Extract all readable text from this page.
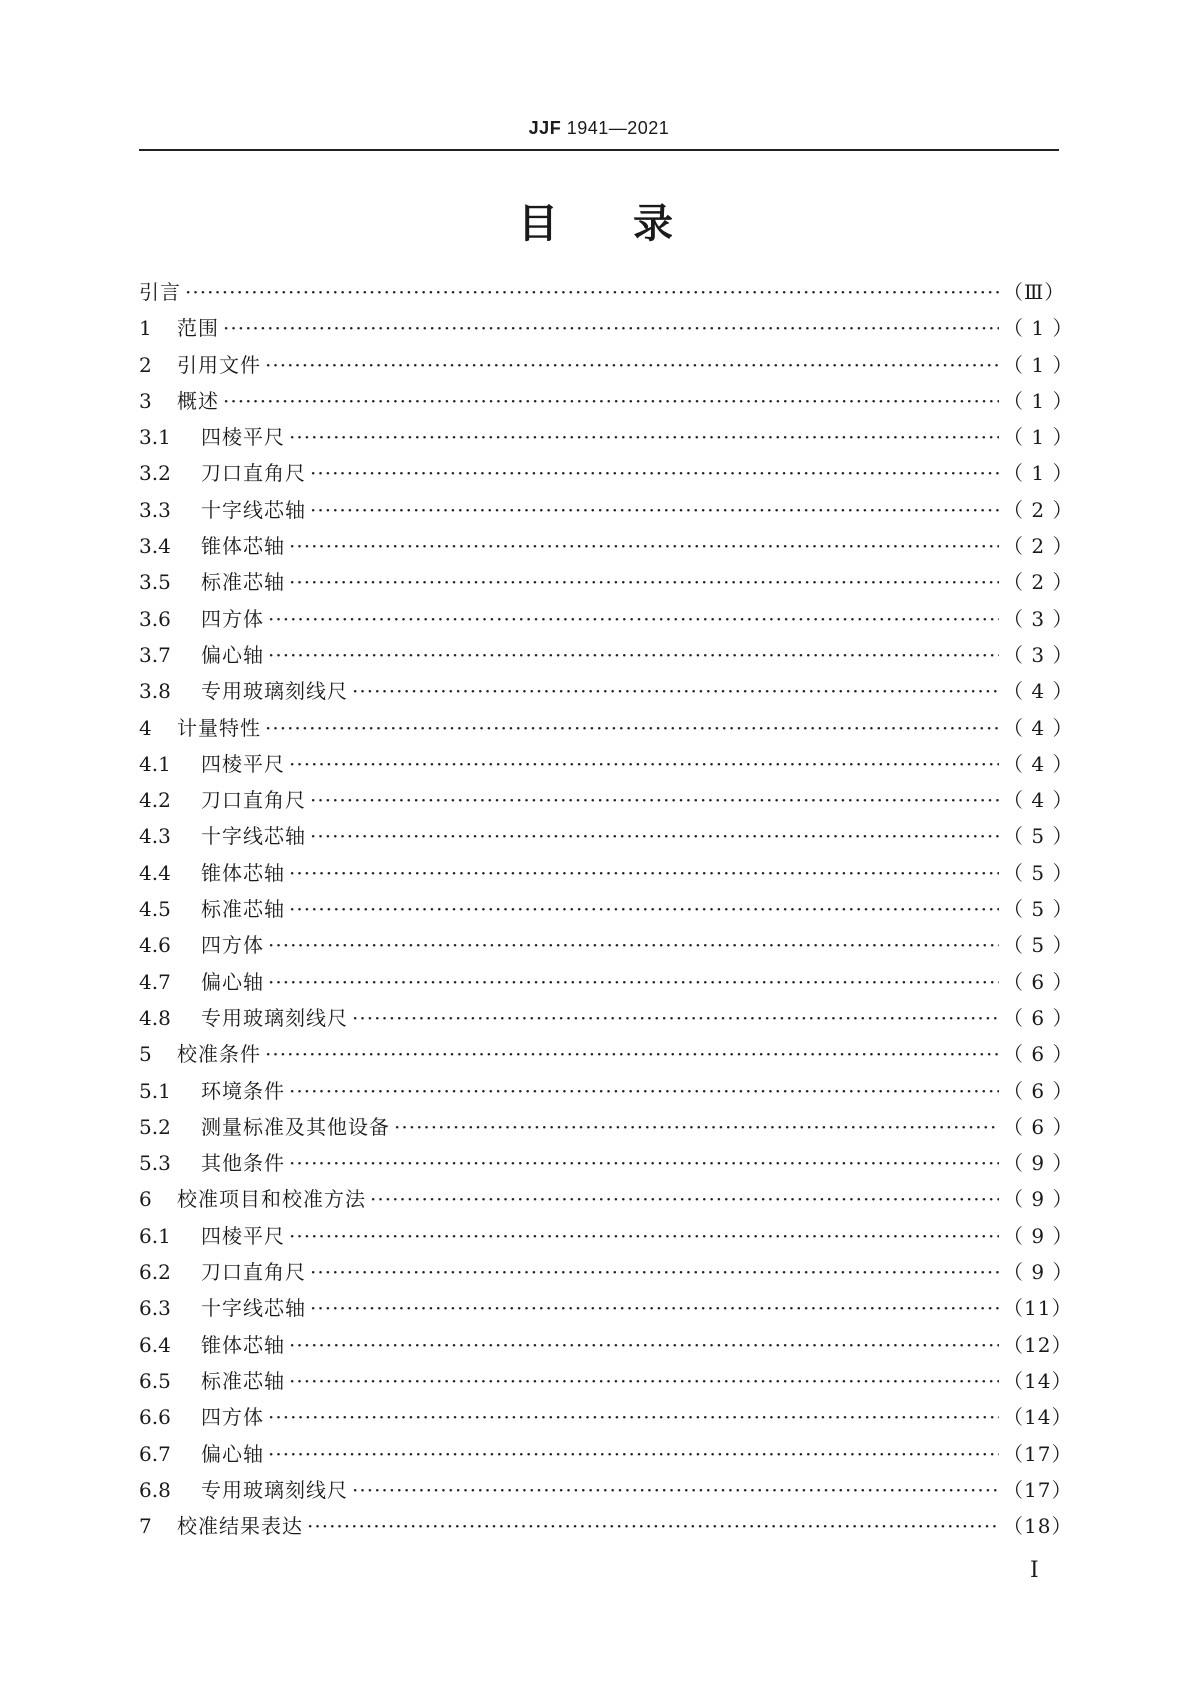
JJF 1941—2021
目 录
引言 ·····	（Ⅲ）
1	范围 ·····	（ 1 ）
2	引用文件 ·····	（ 1 ）
3	概述 ·····	（ 1 ）
3.1	四棱平尺 ·····	（ 1 ）
3.2	刀口直角尺 ·····	（ 1 ）
3.3	十字线芯轴 ·····	（ 2 ）
3.4	锥体芯轴 ·····	（ 2 ）
3.5	标准芯轴 ·····	（ 2 ）
3.6	四方体 ·····	（ 3 ）
3.7	偏心轴 ·····	（ 3 ）
3.8	专用玻璃刻线尺 ·····	（ 4 ）
4	计量特性 ·····	（ 4 ）
4.1	四棱平尺 ·····	（ 4 ）
4.2	刀口直角尺 ·····	（ 4 ）
4.3	十字线芯轴 ·····	（ 5 ）
4.4	锥体芯轴 ·····	（ 5 ）
4.5	标准芯轴 ·····	（ 5 ）
4.6	四方体 ·····	（ 5 ）
4.7	偏心轴 ·····	（ 6 ）
4.8	专用玻璃刻线尺 ·····	（ 6 ）
5	校准条件 ·····	（ 6 ）
5.1	环境条件 ·····	（ 6 ）
5.2	测量标准及其他设备 ·····	（ 6 ）
5.3	其他条件 ·····	（ 9 ）
6	校准项目和校准方法 ·····	（ 9 ）
6.1	四棱平尺 ·····	（ 9 ）
6.2	刀口直角尺 ·····	（ 9 ）
6.3	十字线芯轴 ·····	（11）
6.4	锥体芯轴 ·····	（12）
6.5	标准芯轴 ·····	（14）
6.6	四方体 ·····	（14）
6.7	偏心轴 ·····	（17）
6.8	专用玻璃刻线尺 ·····	（17）
7	校准结果表达 ·····	（18）
I
